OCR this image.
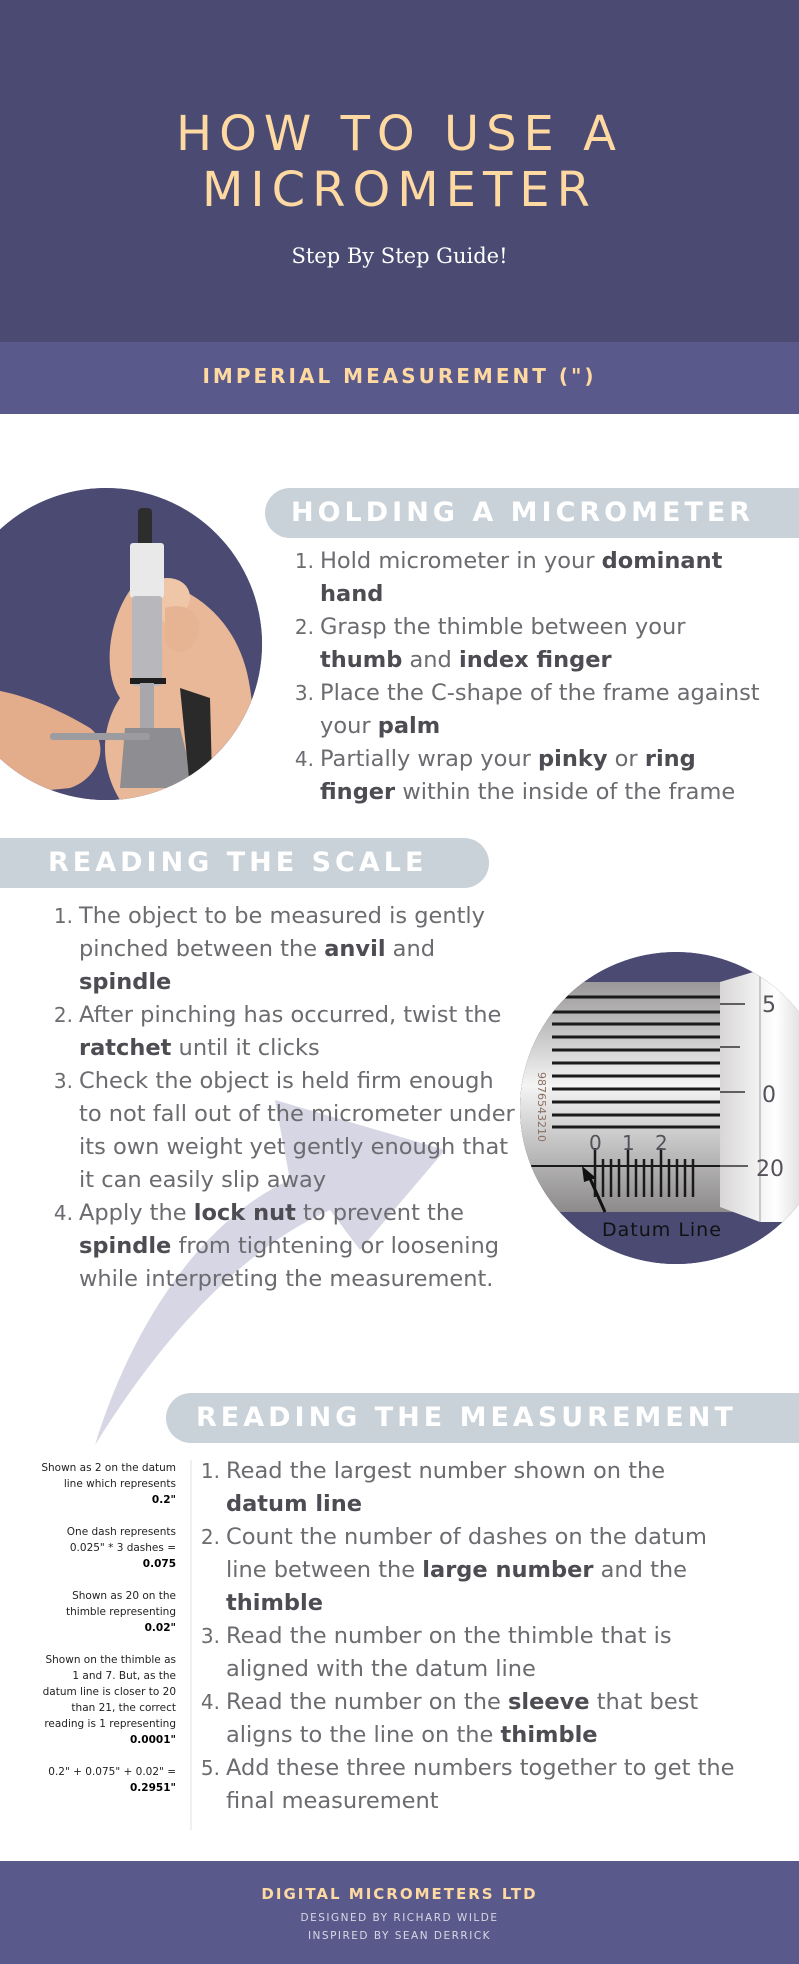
HOW TO USE A
MICROMETER
Step By Step Guide!
IMPERIAL MEASUREMENT (")
HOLDING A MICROMETER
1. Hold micrometer in your dominant hand
2. Grasp the thimble between your thumb and index finger
3. Place the C-shape of the frame against your palm
4. Partially wrap your pinky or ring finger within the inside of the frame
READING THE SCALE
1. The object to be measured is gently pinched between the anvil and spindle
2. After pinching has occurred, twist the ratchet until it clicks
3. Check the object is held firm enough to not fall out of the micrometer under its own weight yet gently enough that it can easily slip away
4. Apply the lock nut to prevent the spindle from tightening or loosening while interpreting the measurement.
9876543210
0 1 2
5
0
20
Datum Line
READING THE MEASUREMENT
Shown as 2 on the datum line which represents 0.2"
One dash represents 0.025" * 3 dashes = 0.075
Shown as 20 on the thimble representing 0.02"
Shown on the thimble as 1 and 7. But, as the datum line is closer to 20 than 21, the correct reading is 1 representing 0.0001"
0.2" + 0.075" + 0.02" = 0.2951"
1. Read the largest number shown on the datum line
2. Count the number of dashes on the datum line between the large number and the thimble
3. Read the number on the thimble that is aligned with the datum line
4. Read the number on the sleeve that best aligns to the line on the thimble
5. Add these three numbers together to get the final measurement
DIGITAL MICROMETERS LTD
DESIGNED BY RICHARD WILDE
INSPIRED BY SEAN DERRICK
